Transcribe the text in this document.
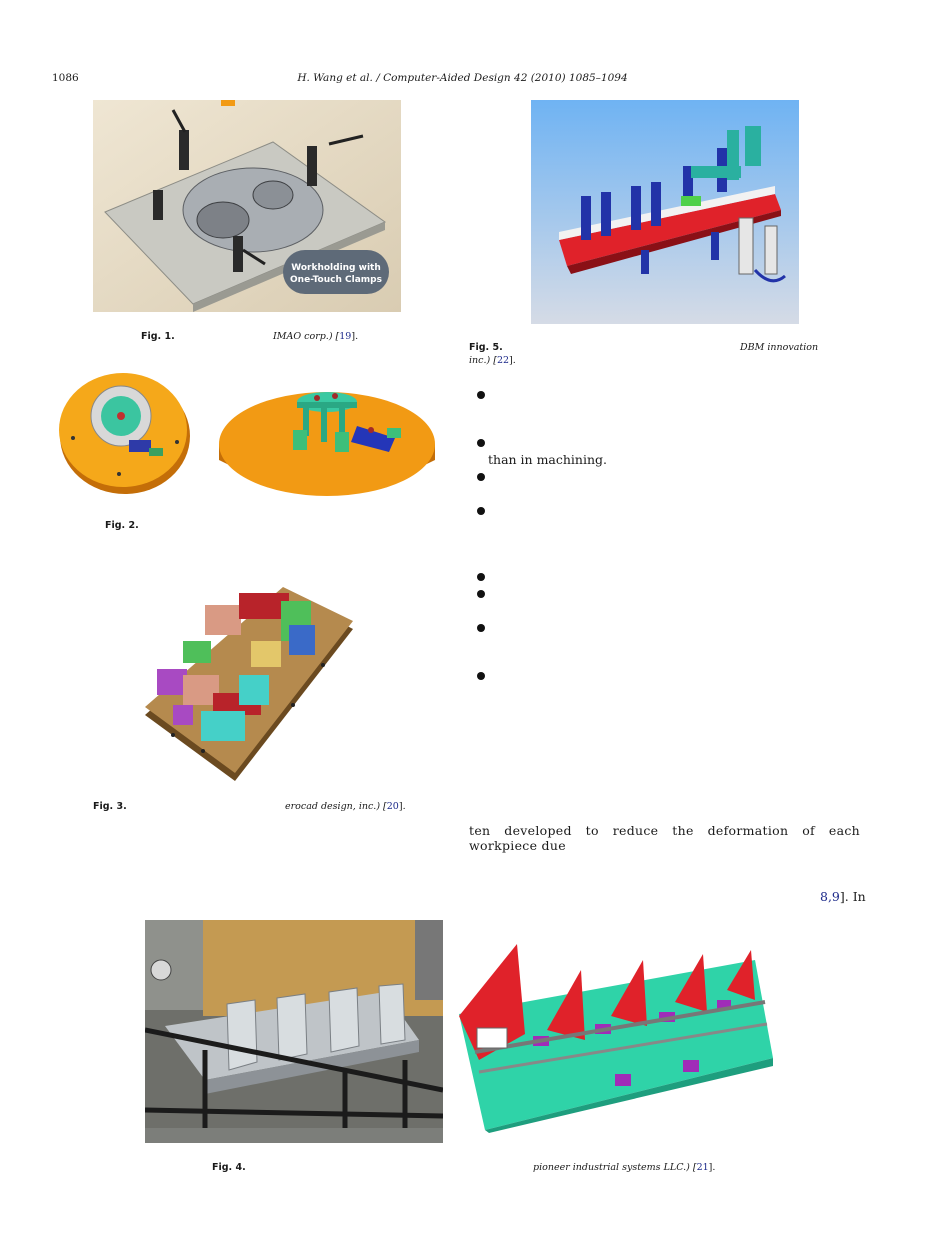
1086	H. Wang et al. / Computer-Aided Design 42 (2010) 1085–1094
Workholding with
One-Touch Clamps
Fig. 1.	IMAO corp.) [19].
Fig. 2.
Fig. 3.	erocad design, inc.) [20].
Fig. 5.	DBM innovation
inc.) [22].
than in machining.
ten developed to reduce the deformation of each workpiece due
8,9]. In
Fig. 4.	pioneer industrial systems LLC.) [21].
